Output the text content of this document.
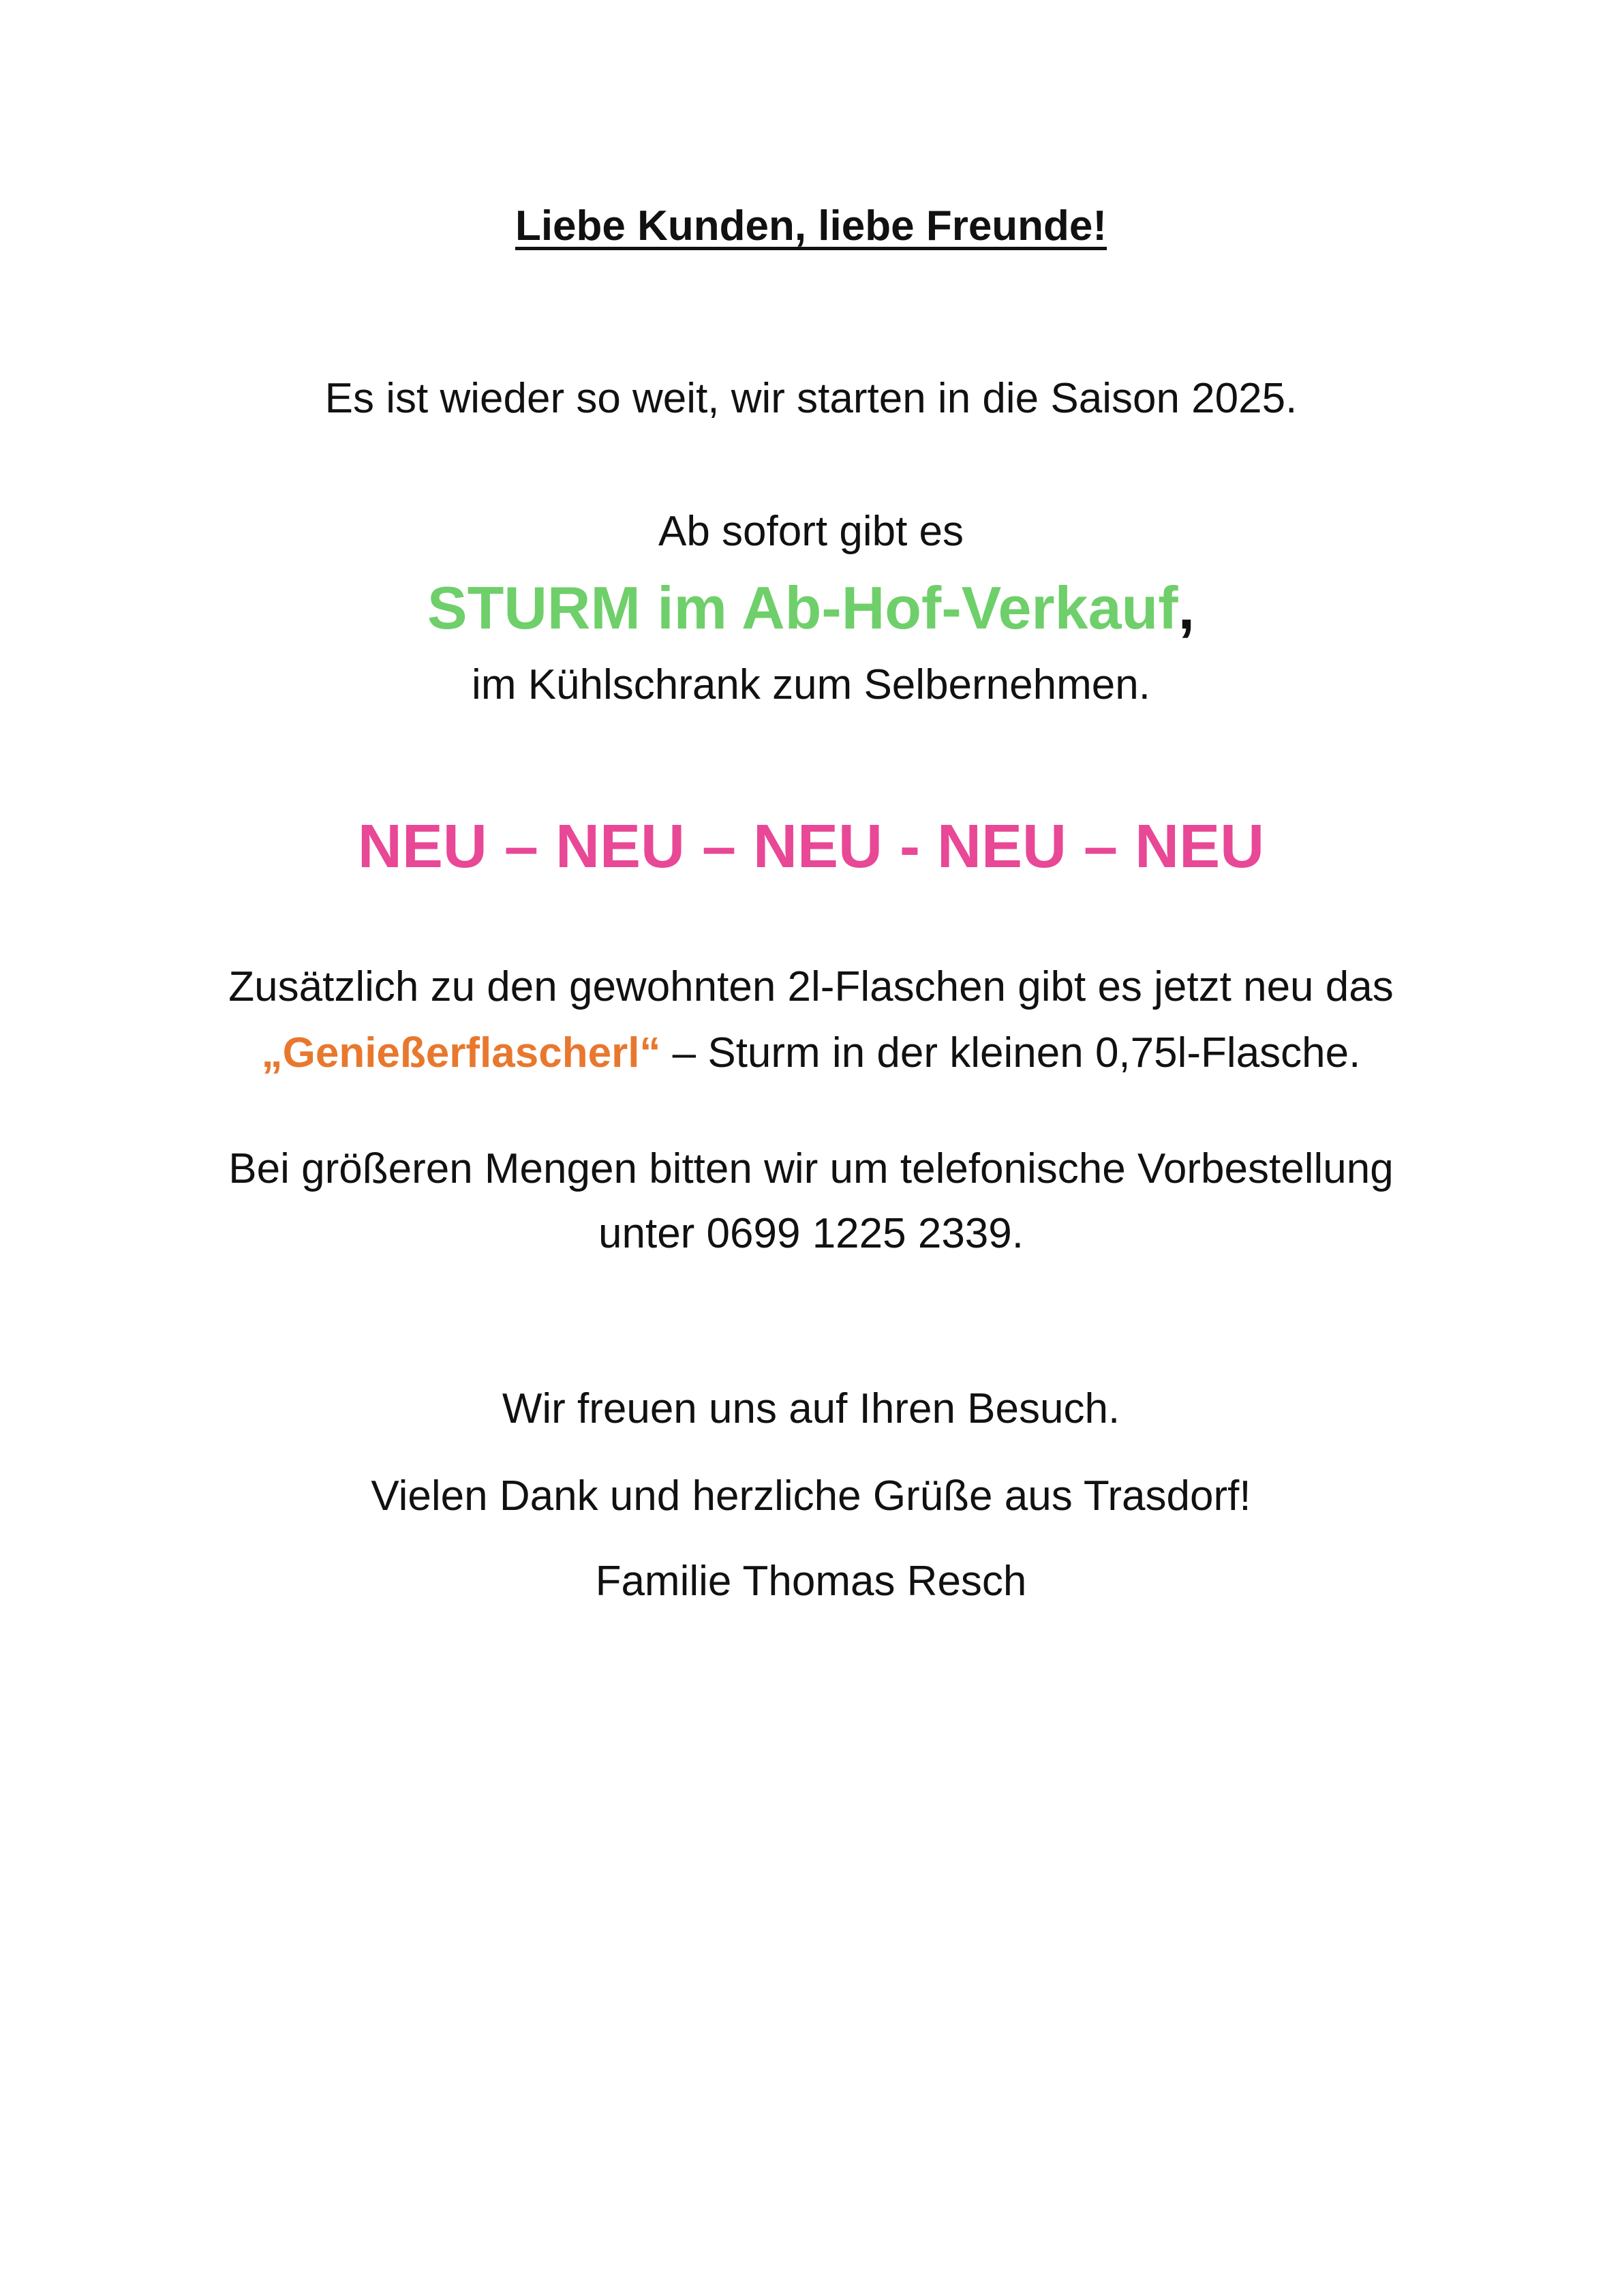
Liebe Kunden, liebe Freunde!
Es ist wieder so weit, wir starten in die Saison 2025.
Ab sofort gibt es
STURM im Ab-Hof-Verkauf,
im Kühlschrank zum Selbernehmen.
NEU – NEU – NEU - NEU – NEU
Zusätzlich zu den gewohnten 2l-Flaschen gibt es jetzt neu das
„Genießerflascherl“ – Sturm in der kleinen 0,75l-Flasche.
Bei größeren Mengen bitten wir um telefonische Vorbestellung
unter 0699 1225 2339.
Wir freuen uns auf Ihren Besuch.
Vielen Dank und herzliche Grüße aus Trasdorf!
Familie Thomas Resch
